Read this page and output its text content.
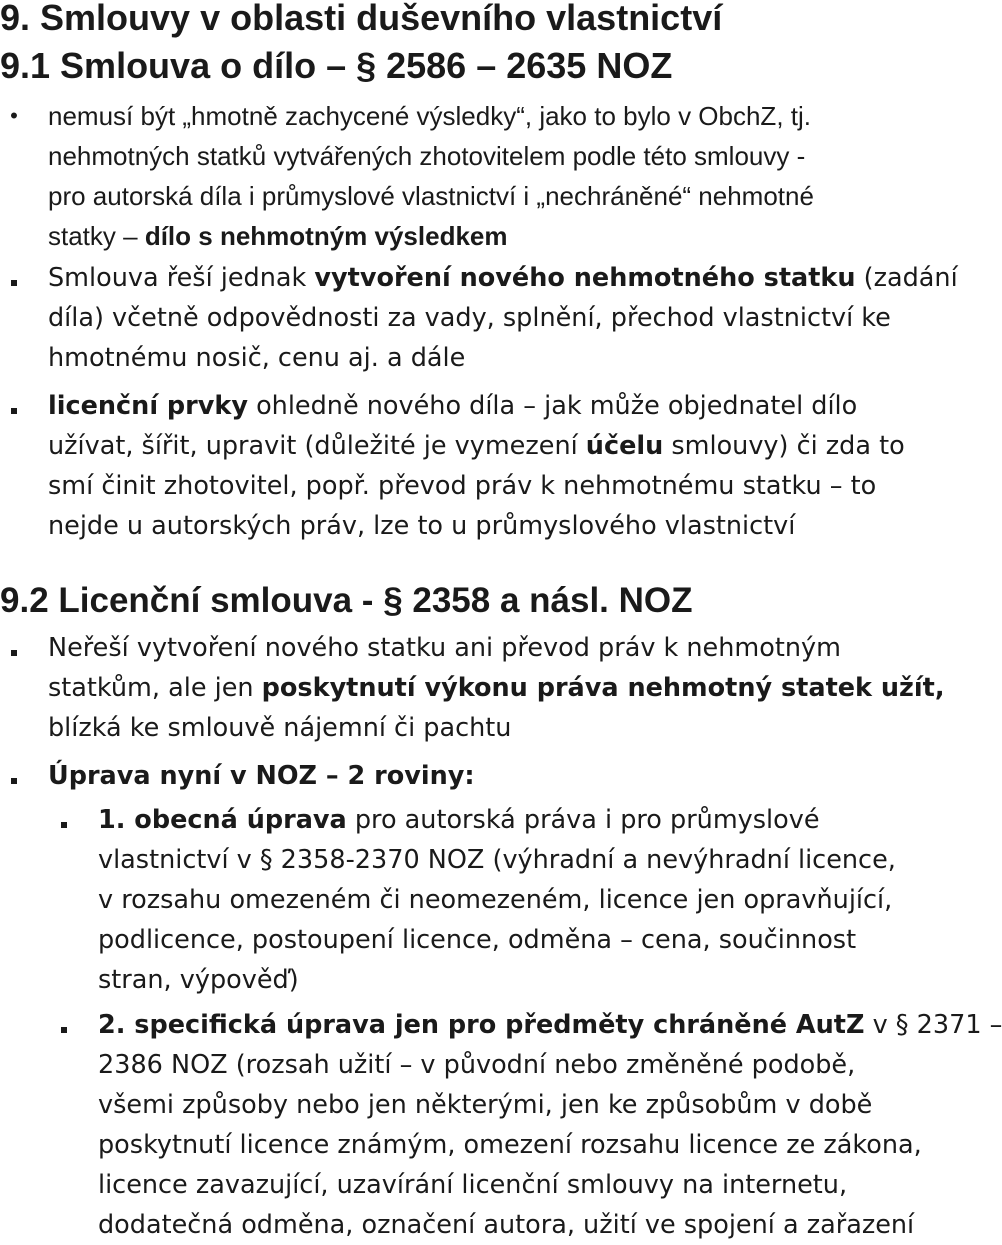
9. Smlouvy v oblasti duševního vlastnictví
9.1 Smlouva o dílo – § 2586 – 2635 NOZ
• nemusí být „hmotně zachycené výsledky“, jako to bylo v ObchZ, tj.
nehmotných statků vytvářených zhotovitelem podle této smlouvy -
pro autorská díla i průmyslové vlastnictví i „nechráněné“ nehmotné
statky – dílo s nehmotným výsledkem
Smlouva řeší jednak vytvoření nového nehmotného statku (zadání
díla) včetně odpovědnosti za vady, splnění, přechod vlastnictví ke
hmotnému nosič, cenu aj. a dále
licenční prvky ohledně nového díla – jak může objednatel dílo
užívat, šířit, upravit (důležité je vymezení účelu smlouvy) či zda to
smí činit zhotovitel, popř. převod práv k nehmotnému statku – to
nejde u autorských práv, lze to u průmyslového vlastnictví
9.2 Licenční smlouva - § 2358 a násl. NOZ
Neřeší vytvoření nového statku ani převod práv k nehmotným
statkům, ale jen poskytnutí výkonu práva nehmotný statek užít,
blízká ke smlouvě nájemní či pachtu
Úprava nyní v NOZ – 2 roviny:
1. obecná úprava pro autorská práva i pro průmyslové
vlastnictví v § 2358-2370 NOZ (výhradní a nevýhradní licence,
v rozsahu omezeném či neomezeném, licence jen opravňující,
podlicence, postoupení licence, odměna – cena, součinnost
stran, výpověď)
2. specifická úprava jen pro předměty chráněné AutZ v § 2371 –
2386 NOZ (rozsah užití – v původní nebo změněné podobě,
všemi způsoby nebo jen některými, jen ke způsobům v době
poskytnutí licence známým, omezení rozsahu licence ze zákona,
licence zavazující, uzavírání licenční smlouvy na internetu,
dodatečná odměna, označení autora, užití ve spojení a zařazení
